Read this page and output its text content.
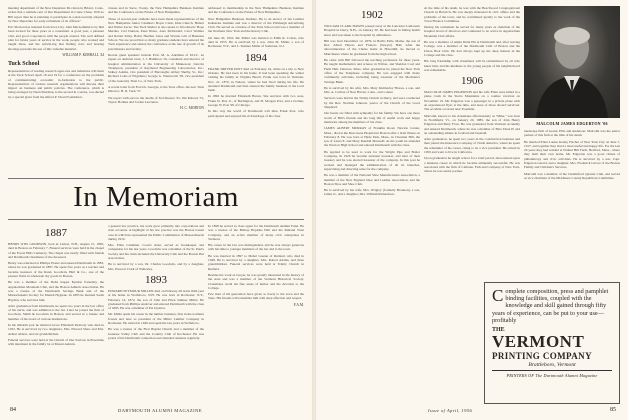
meeting department of the New Departure Di-vision in Bristol, Conn., writes that a reminis-cent of that Department in Crane Chase. Will no Bill report then he is planning to participate in a plan recently adopted by New Departure for early retirement of its officers?

Eric Pierson has returned from Iowa City. John MacGammel is by him been located for three years as a consultant. A good year, a pleasant visit, and good cooperation with the people around. The well defined plan for future years of service in the work, people who worked and taught there, and the reform-ing that finding crew and bearing shortage prevents the use of this valuable material.

WILLIAM P. KIMBALL '44
Tuck School

Representatives of leading research agen-cies and industries will meet at the Tuck School April 18 and 19 for a conference on the problems of communicating economic in-formation to the public. Representatives of various research organizations will discuss their impact on business and public policies. The conference, which is being arranged by Dean Sherman, is the second in a series, con-ducted by a special grant from the Alfred P. Sloan Foundation.

classes and in Snow, Vosley, the New Hampshire Business Institute and the Conference on the Future of New Hampshire.

Three of second-year students have been made representatives of the New Hampshire Junior Chamber: Boyer Clark, Dale Church, Hubert and Walter Lucas. The Tuck Shelter is also spoke to Woodstock: Hope Mertins, Carl Durnan, Peter Rizzo, Alex McDonald, Carol Walmer and Robert Kiley. Baird, Heather Jones and Warren Gilt of Business School. We are proud that so many graduate students have entered the Tuck experience and attend; the conference at the rate of growth of its practitioners and faculty.

Recent guest speakers include Prof. M. A. Adelman of M.I.T., an expert on antitrust laws; J. J. Hamilton '19, consultant and director of hospital administration at the University of Minnesota; Lincoln Thompson, president of Raymond Engineering Laboratories, Inc.; Sidney Adams, vice president of Burroughs; Abbey Shelby, Sr., Inc.; Richard Coles of Frigidaire; George G. Wentworth '38, vice president of the Guaranty Trust Co. of New York.

A recent letter from Fortsch, Georgia, is the Tuck office, the new Tuck Director, H. R. Tuck '37.

We report with sorrow the deaths of Ted Shearer '25, Jim Roberts '31, Taylor Holmes and Jordan Lawrence.

H. C. MORTON

addressed to membership in the New Hampshire Business Institute and the Conference on the Future of New Hampshire.

New Hampshire Business Institute. He is an elector of the Lumber Industries Institute and was a director of the Pittsburgh Advertising Club. He served as a trustee of the Tuck School and was a member of the Northern New York and the Rotary Club.

On June 20, 1952, Mr. Miller was married to Edith R. Colton, who died in 1955. He is survived by a son, John M. Miller, a son of Rochester, N.Y., and L. Sumner Miller of Somerset, N.J.

1894

FRANK DRIVER POST died on February 24, while on a trip to New Orleans. He had been in his home. It had been spending the winter visiting his family in Virginia Beach. Frank was born in Vermont, Nov. 21, 1870, in Nelson, where he had lived during his life. He attended Dartmouth and then entered the family business at the local bank.

In 1892 he married Elizabeth Haven. She survives with two sons, Frank D. Post Jr., of Burlington, and H. Morgan Post, and a brother, George W. Post '99 of Chicago.

In this way the world of Dartmouth will miss Frank Post, who participated and enjoyed the rich heritage of his class.

In Memoriam
1887

HENRY OTIS GOODWIN, born in Lisbon, N.H., August 15, 1865, died in Boston on February 7. Funeral services were held in the chapel of the Forest Hills Cemetery. The chapel was nearly filled with friends and Dartmouth classmates of the deceased.

Henry was educated at Phillips Exeter and entered Dartmouth in 1883, where he was graduated in 1887. He spent five years as a teacher and became treasurer of the Rand, Goodwin, Hull & Co., one of the pioneer firms in wholesale dry goods in Boston.

He was a member of the Delta Kappa Epsilon fraternity, the Appalachian Mountain Club, and the Boston Athletic Association. He was a trustee of the Dartmouth Savings Bank and of the Massachusetts Society for Mental Hygiene. In 1893 he married Sarah Hayden, who survives him.

After graduation from Dartmouth, he spent two years in the law office of his uncle, and was admitted to the bar. Later he joined the firm of Goodwin, Smith & Goodwin in Boston, and served as a trustee and member of the board of various institutions.

In his thirtieth year he married Grace Elizabeth Peabody who died in 1932. He is survived by two daughters, Mrs. Edward Shaw and Mrs. Arthur Abbott, and six grandchildren.

Funeral services were held at the Church of Our Saviour in Brookline with interment in the family lot at Mount Auburn.

a general law practice, his work grew primarily into corporations and trust accounts. A highlight of his law practice was the Boston transit case in which he represented the Public Commission of Massachusetts during 1910.

Mrs. Ellen Cushman, Cook's sister, served as bookkeeper and companion for his last years. Goodwin was a member of the St. Paul's Society and his clubs included the University Club and the Boston Bar Association.

He is survived by a son, Dr. Charles Goodwin, and by a daughter, Mrs. Prescott Clark of Wellesley.

1893

EDWARD SEYMOUR MILLER died on February 28 in his 84th year at his home in Wolfeboro, N.H. He was born in Rochester, N.Y., February 14, 1872, the son of John and Ellen Sumner Miller. He graduated from Phillips Andover and entered Dartmouth with the class of 1893. He was a member of Psi Upsilon.

Mr. Miller spent his career in the lumber business, first in the northern forests and later as president of the Miller Lumber Company in Rochester. He retired in 1940 and spent his last years in Wolfeboro.

He was a trustee of the First Baptist Church and a member of the Genesee Valley Club and the Country Club of Rochester. He was proud of his Dartmouth connection and attended reunions regularly.

In 1898 he served as class agent for the Dartmouth Alumni Fund. He was a trustee of the Bishop Hopkins Hall and the Rutland Trust Company, and an active member of many civic enterprises in Vermont.

His career in the law was distinguished, and he was always generous with his time to younger members of the bar and to the town.

He was married in 1897 to Mabel Greene of Rutland, who died in 1948. He is survived by a daughter, Mrs. Robert Adams, and three grandchildren. Funeral services were held at Trinity Church in Rutland.

Besides his work as lawyer, he was greatly interested in the history of the state and was a member of the Vermont Historical Society. Classmates recall his fine sense of humor and his devotion to the College.

Few men of his generation have given so freely to the town and the State. His friends will remember him with deep affection and respect.

F.A.M.
84	DARTMOUTH ALUMNI MAGAZINE
1902

WILLIAM CLARK HAWES passed away at the Lancaster Lamoreux Hospital in Derry, N.H., on January 30. He had been in failing health since and was taken to the hospital by ambulance.

Bill was born December 12, 1879, in Bath's Falls, Maine, the son of Rev. Albert Hawes and Frances (Sawyer) Hall. After the discontinuation of the Clarke home in Haverhill, he moved to Manchester where he graduated from the high school.

He came with Bill followed the teaching profession for three years. He taught mathematics and science in Wilton, and Sheldon Coal and Farm Hall, Danvers, Mass. After graduation he joined the New York office of the Telephone company. He was engaged with many community activities, including being treasurer of the Mechanics Savings Bank.

He is survived by his wife, Mrs. Mary Kimberley Hawes, a son, and Mrs. A. Carlton of New Haven, Conn., and a sister.

Services were held in the Trinity Church in Derry, and were conducted by the Rev. Norman Johnson, pastor of the Church of the Good Shepherd.

Our hearts are filled with sympathy for his family. We have one more worth of Bill's friends and his long life of useful work and happy memories among the members of his class.

JAMES ALBERT MURRAY of Franklin Road, Newton Center, Mass., died at the Deaconess Hospital in Boston after a brief illness on February 8. He was born at Hyde Park, Mass., in Chestnut Hill, the son of Laura E. and Mary Randall Macneill. At his youth he attended the Newton High School and entered Dartmouth with the class.

He applied to be used to work for the Wright Pipe and Boiler Company. In 1926 he became assistant treasurer, and later of their treasury and he was elected treasurer of the company. In this post he worked and managed the administration of all its branches, supervising and directing sales for the company.

He was a member of the National Shoe Manufacturers Association, a member of the New England Shoe and Leather Association, and the Boston Shoe and Shoe Club.

He is survived by his wife, Mrs. Wrigley (formerly Brannon), a son, James Jr., and a daughter, Mrs. William Richardson.

At the time of his death, he was with the Beechwood Congregational Church in Harwich. He was deeply interested in civic affairs and the problems of the town, and he contributed greatly to the work of the Town Finance Committee.

During his retirement he served for many years as chairman of the hospital board of directors and continued to be active in Appalachian Mountain Club affairs.

He was a member of Alpha Delta Phi at Dartmouth and, after leaving College, was a member of the Dartmouth Club of Boston and the Union Boat Club. He had always kept up his deep interest in the College and the class.

His long friendship with classmates will be remembered by all who knew him, and his kindness to the young people of his neighborhood was remarkable.

1906

MALCOLM JAMES EDGERTON and his wife Ellen were killed in a plane crash in the Sierra Mountains on a routine vacation on November 19. Mr. Edgerton was a passenger in a private plane with an experienced flyer at the time, and none of those aboard survived. The accident occurred near Yosemite.

Malcolm, known to his classmates affectionately as "Mike," was born in Northfield, Vt., on January 20, 1885, the son of John Henry Edgerton and Mary Frost. He was graduated from Vermont Academy and entered Dartmouth, where he was a member of Beta Theta Pi and an outstanding athlete in football and baseball.

After graduation, he spent two years in the construction business and then joined the Insurance Company of North America, where he spent the remainder of his career, rising to be a vice president. He retired in 1950 and went to live in California.

Upon graduation he taught school for a brief period, then entered upon a business career in which he became eminently successful. He was associated with the firm of Calhoun, Fish and Company of New York, where he was senior partner.

MALCOLM JAMES EDGERTON '06

landscape firm of Green, Ellis and Anderson. Malcolm was the senior partner of this firm at the time of his death.

He married Ellen Louise Kenny Fischer of New York City on June 7, 1917, and together they lived a most useful and happy life. For the last 20 years they had resided at Walnut Hill Farm, Bedford, Mass., where they built their own home. Mr. Edgerton was a good citizen of philanthropy and civic activities. He is survived by a son, Capt. Edgerton Gerard, and a daughter, Mrs. Frederick Glover of the Boston Family and Children's Services.

Malcolm was a member of the Chelmsford Quartet Club, and served as vice chairman of the Middlesex County Republican Committee.

Complete composition, press and pamphlet binding facilities, coupled with the knowledge and skill gained through fifty years of experience, can be put to your use—profitably

THE
VERMONT
PRINTING COMPANY
Brattleboro, Vermont
PRINTERS OF The Dartmouth Alumni Magazine
Issue of April, 1956	85
